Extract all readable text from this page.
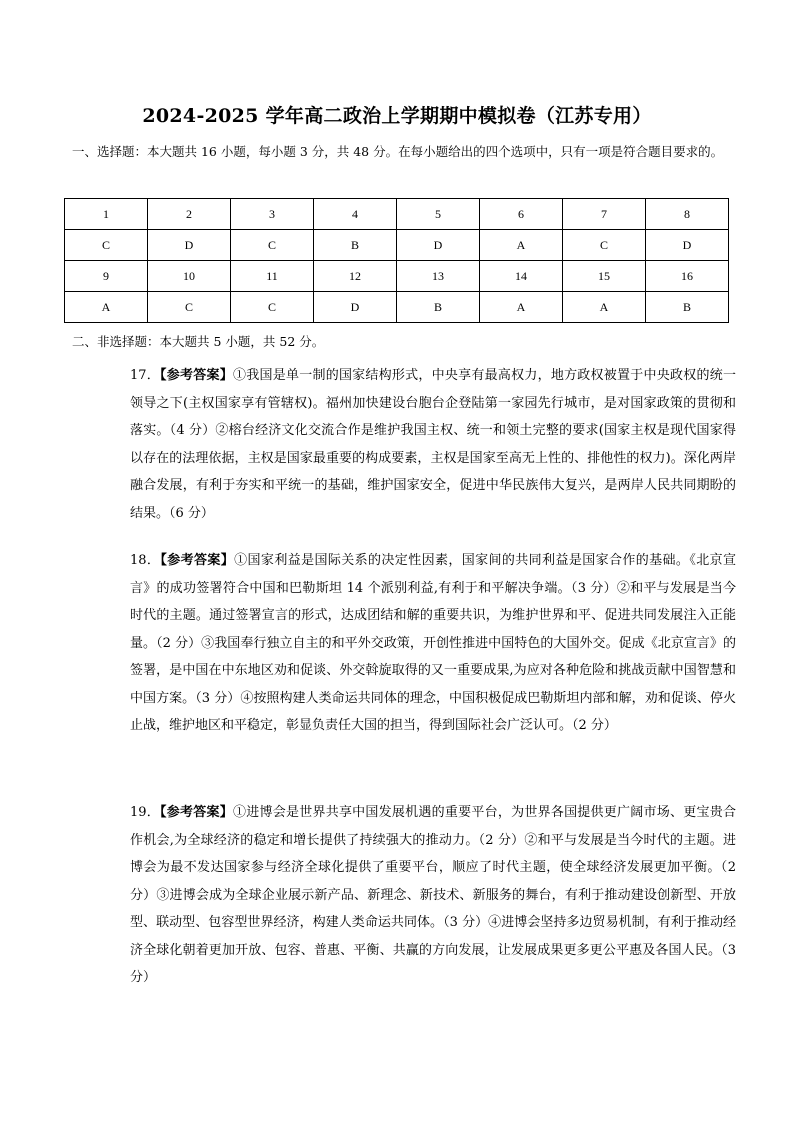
2024-2025 学年高二政治上学期期中模拟卷（江苏专用）
一、选择题：本大题共 16 小题，每小题 3 分，共 48 分。在每小题给出的四个选项中，只有一项是符合题目要求的。
1	2	3	4	5	6	7	8
C	D	C	B	D	A	C	D
9	10	11	12	13	14	15	16
A	C	C	D	B	A	A	B
二、非选择题：本大题共 5 小题，共 52 分。
17．【参考答案】①我国是单一制的国家结构形式，中央享有最高权力，地方政权被置于中央政权的统一领导之下(主权国家享有管辖权)。福州加快建设台胞台企登陆第一家园先行城市，是对国家政策的贯彻和落实。（4 分）②榕台经济文化交流合作是维护我国主权、统一和领土完整的要求(国家主权是现代国家得以存在的法理依据，主权是国家最重要的构成要素，主权是国家至高无上性的、排他性的权力)。深化两岸融合发展，有利于夯实和平统一的基础，维护国家安全，促进中华民族伟大复兴，是两岸人民共同期盼的结果。（6 分）
18．【参考答案】①国家利益是国际关系的决定性因素，国家间的共同利益是国家合作的基础。《北京宣言》的成功签署符合中国和巴勒斯坦 14 个派别利益,有利于和平解决争端。（3 分）②和平与发展是当今时代的主题。通过签署宣言的形式，达成团结和解的重要共识，为维护世界和平、促进共同发展注入正能量。（2 分）③我国奉行独立自主的和平外交政策，开创性推进中国特色的大国外交。促成《北京宣言》的签署，是中国在中东地区劝和促谈、外交斡旋取得的又一重要成果,为应对各种危险和挑战贡献中国智慧和中国方案。（3 分）④按照构建人类命运共同体的理念，中国积极促成巴勒斯坦内部和解，劝和促谈、停火止战，维护地区和平稳定，彰显负责任大国的担当，得到国际社会广泛认可。（2 分）
19．【参考答案】①进博会是世界共享中国发展机遇的重要平台，为世界各国提供更广阔市场、更宝贵合作机会,为全球经济的稳定和增长提供了持续强大的推动力。（2 分）②和平与发展是当今时代的主题。进博会为最不发达国家参与经济全球化提供了重要平台，顺应了时代主题，使全球经济发展更加平衡。（2 分）③进博会成为全球企业展示新产品、新理念、新技术、新服务的舞台，有利于推动建设创新型、开放型、联动型、包容型世界经济，构建人类命运共同体。（3 分）④进博会坚持多边贸易机制，有利于推动经济全球化朝着更加开放、包容、普惠、平衡、共赢的方向发展，让发展成果更多更公平惠及各国人民。（3 分）
